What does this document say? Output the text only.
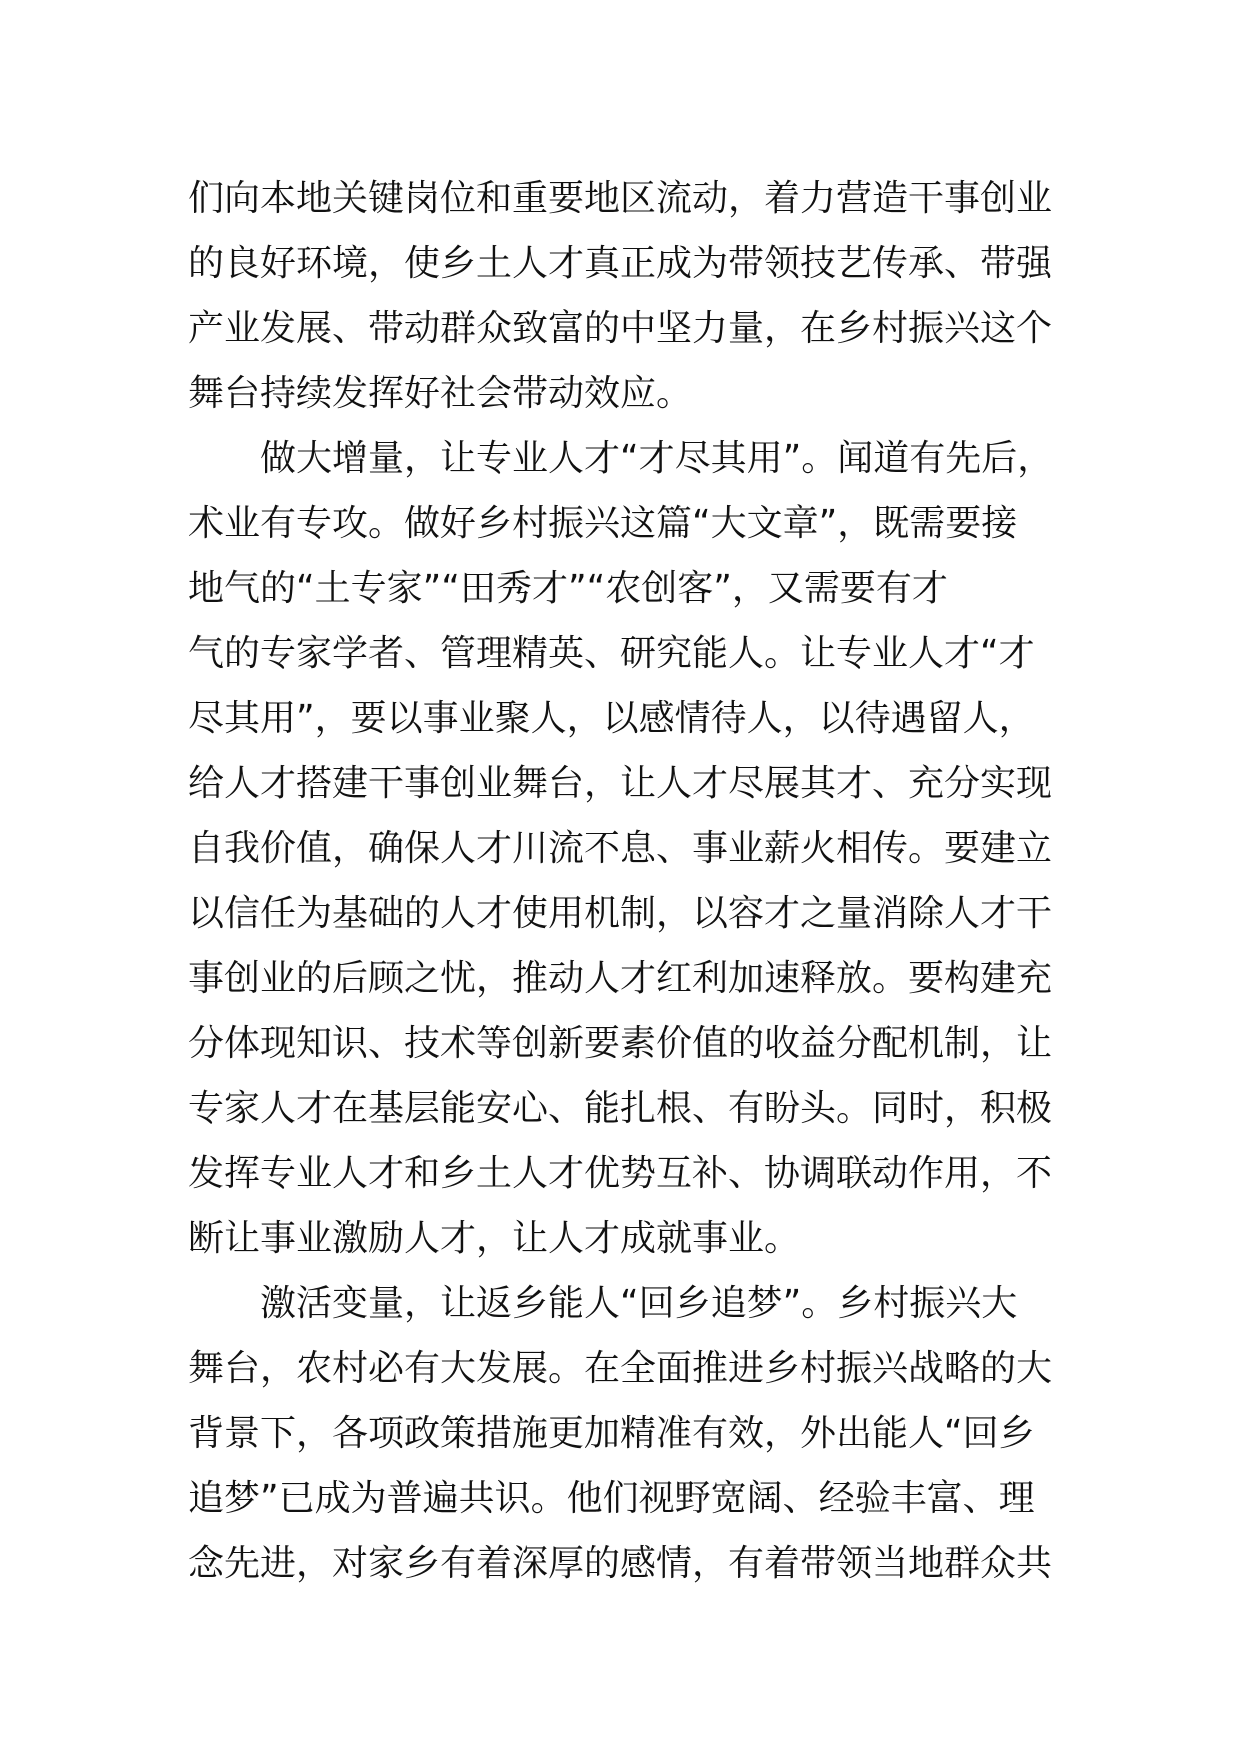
们向本地关键岗位和重要地区流动，着力营造干事创业
的良好环境，使乡土人才真正成为带领技艺传承、带强
产业发展、带动群众致富的中坚力量，在乡村振兴这个
舞台持续发挥好社会带动效应。
做大增量，让专业人才“才尽其用”。闻道有先后，
术业有专攻。做好乡村振兴这篇“大文章”，既需要接
地气的“土专家”“田秀才”“农创客”，又需要有才
气的专家学者、管理精英、研究能人。让专业人才“才
尽其用”，要以事业聚人，以感情待人，以待遇留人，
给人才搭建干事创业舞台，让人才尽展其才、充分实现
自我价值，确保人才川流不息、事业薪火相传。要建立
以信任为基础的人才使用机制，以容才之量消除人才干
事创业的后顾之忧，推动人才红利加速释放。要构建充
分体现知识、技术等创新要素价值的收益分配机制，让
专家人才在基层能安心、能扎根、有盼头。同时，积极
发挥专业人才和乡土人才优势互补、协调联动作用，不
断让事业激励人才，让人才成就事业。
激活变量，让返乡能人“回乡追梦”。乡村振兴大
舞台，农村必有大发展。在全面推进乡村振兴战略的大
背景下，各项政策措施更加精准有效，外出能人“回乡
追梦”已成为普遍共识。他们视野宽阔、经验丰富、理
念先进，对家乡有着深厚的感情，有着带领当地群众共
